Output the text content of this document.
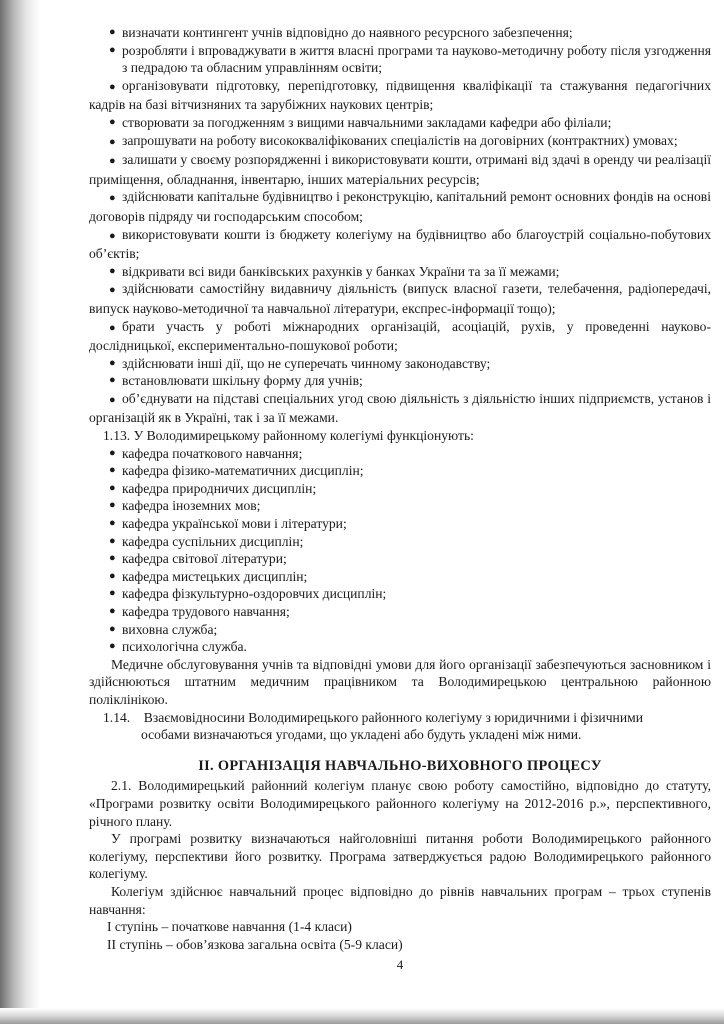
● визначати контингент учнів відповідно до наявного ресурсного забезпечення;

● розробляти і впроваджувати в життя власні програми та науково-методичну роботу після узгодження з педрадою та обласним управлінням освіти;

● організовувати підготовку, перепідготовку, підвищення кваліфікації та стажування педагогічних кадрів на базі вітчизняних та зарубіжних наукових центрів;

● створювати за погодженням з вищими навчальними закладами кафедри або філіали;

● запрошувати на роботу висококваліфікованих спеціалістів на договірних (контрактних) умовах;

● залишати у своєму розпорядженні і використовувати кошти, отримані від здачі в оренду чи реалізації приміщення, обладнання, інвентарю, інших матеріальних ресурсів;

● здійснювати капітальне будівництво і реконструкцію, капітальний ремонт основних фондів на основі договорів підряду чи господарським способом;

● використовувати кошти із бюджету колегіуму на будівництво або благоустрій соціально-побутових об’єктів;

● відкривати всі види банківських рахунків у банках України та за її межами;

● здійснювати самостійну видавничу діяльність (випуск власної газети, телебачення, радіопередачі, випуск науково-методичної та навчальної літератури, експрес-інформації тощо);

● брати участь у роботі міжнародних організацій, асоціацій, рухів, у проведенні науково-дослідницької, експериментально-пошукової роботи;

● здійснювати інші дії, що не суперечать чинному законодавству;

● встановлювати шкільну форму для учнів;

● об’єднувати на підставі спеціальних угод свою діяльність з діяльністю інших підприємств, установ і організацій як в Україні, так і за її межами.

1.13. У Володимирецькому районному колегіумі функціонують:

● кафедра початкового навчання;

● кафедра фізико-математичних дисциплін;

● кафедра природничих дисциплін;

● кафедра іноземних мов;

● кафедра української мови і літератури;

● кафедра суспільних дисциплін;

● кафедра світової літератури;

● кафедра мистецьких дисциплін;

● кафедра фізкультурно-оздоровчих дисциплін;

● кафедра трудового навчання;

● виховна служба;

● психологічна служба.

Медичне обслуговування учнів та відповідні умови для його організації забезпечуються засновником і здійснюються штатним медичним працівником та Володимирецькою центральною районною поліклінікою.

1.14. Взаємовідносини Володимирецького районного колегіуму з юридичними і фізичними

особами визначаються угодами, що укладені або будуть укладені між ними.

ІІ. ОРГАНІЗАЦІЯ НАВЧАЛЬНО-ВИХОВНОГО ПРОЦЕСУ

2.1. Володимирецький районний колегіум планує свою роботу самостійно, відповідно до статуту, «Програми розвитку освіти Володимирецького районного колегіуму на 2012-2016 р.», перспективного, річного плану.

У програмі розвитку визначаються найголовніші питання роботи Володимирецького районного колегіуму, перспективи його розвитку. Програма затверджується радою Володимирецького районного колегіуму.

Колегіум здійснює навчальний процес відповідно до рівнів навчальних програм – трьох ступенів навчання:

І ступінь – початкове навчання (1-4 класи)

ІІ ступінь – обов’язкова загальна освіта (5-9 класи)

4
